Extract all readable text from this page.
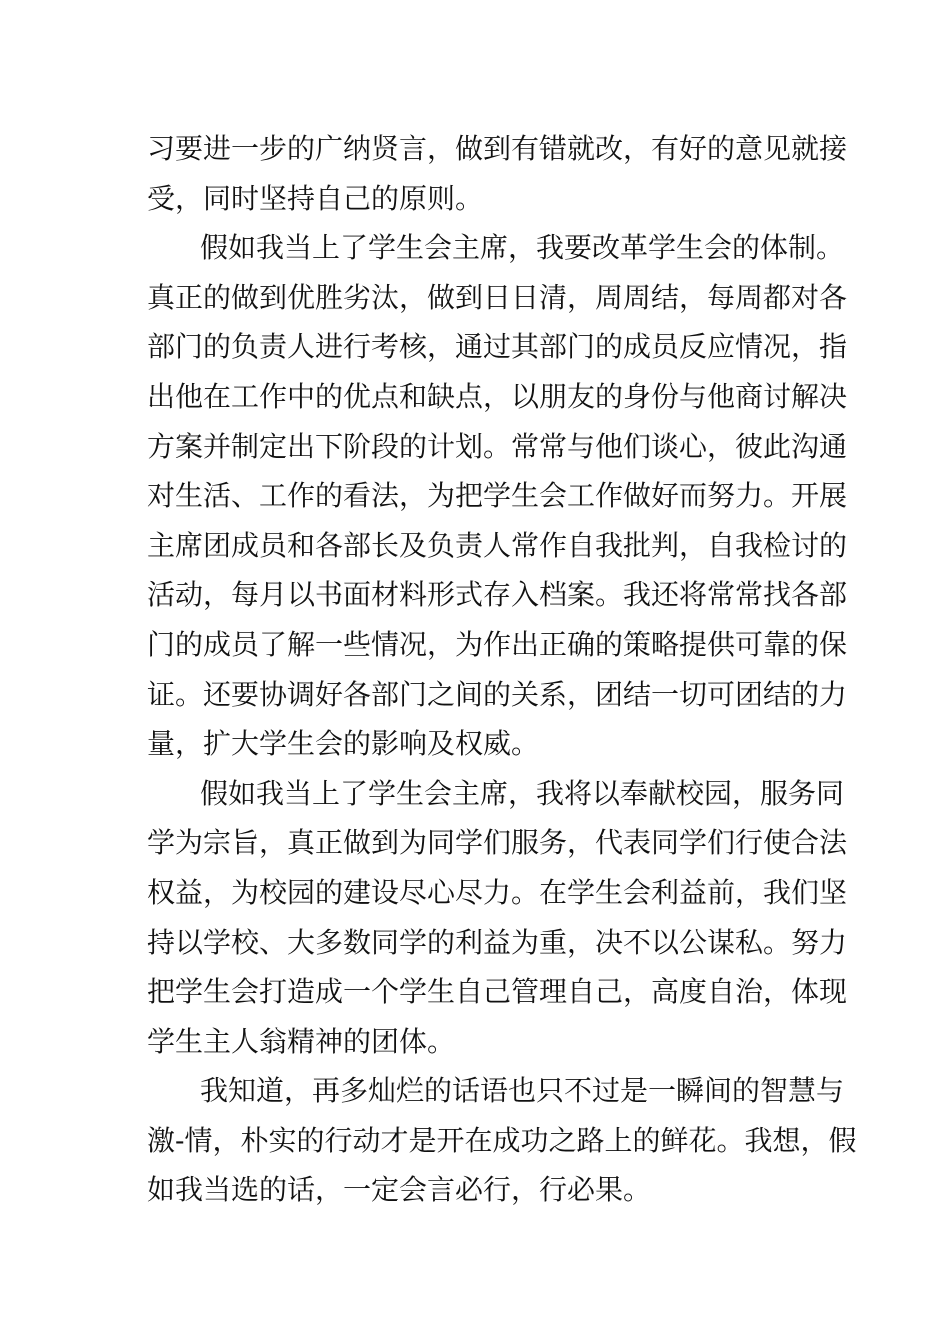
习要进一步的广纳贤言，做到有错就改，有好的意见就接
受，同时坚持自己的原则。
假如我当上了学生会主席，我要改革学生会的体制。
真正的做到优胜劣汰，做到日日清，周周结，每周都对各
部门的负责人进行考核，通过其部门的成员反应情况，指
出他在工作中的优点和缺点，以朋友的身份与他商讨解决
方案并制定出下阶段的计划。常常与他们谈心，彼此沟通
对生活、工作的看法，为把学生会工作做好而努力。开展
主席团成员和各部长及负责人常作自我批判，自我检讨的
活动，每月以书面材料形式存入档案。我还将常常找各部
门的成员了解一些情况，为作出正确的策略提供可靠的保
证。还要协调好各部门之间的关系，团结一切可团结的力
量，扩大学生会的影响及权威。
假如我当上了学生会主席，我将以奉献校园，服务同
学为宗旨，真正做到为同学们服务，代表同学们行使合法
权益，为校园的建设尽心尽力。在学生会利益前，我们坚
持以学校、大多数同学的利益为重，决不以公谋私。努力
把学生会打造成一个学生自己管理自己，高度自治，体现
学生主人翁精神的团体。
我知道，再多灿烂的话语也只不过是一瞬间的智慧与
激-情，朴实的行动才是开在成功之路上的鲜花。我想，假
如我当选的话，一定会言必行，行必果。
